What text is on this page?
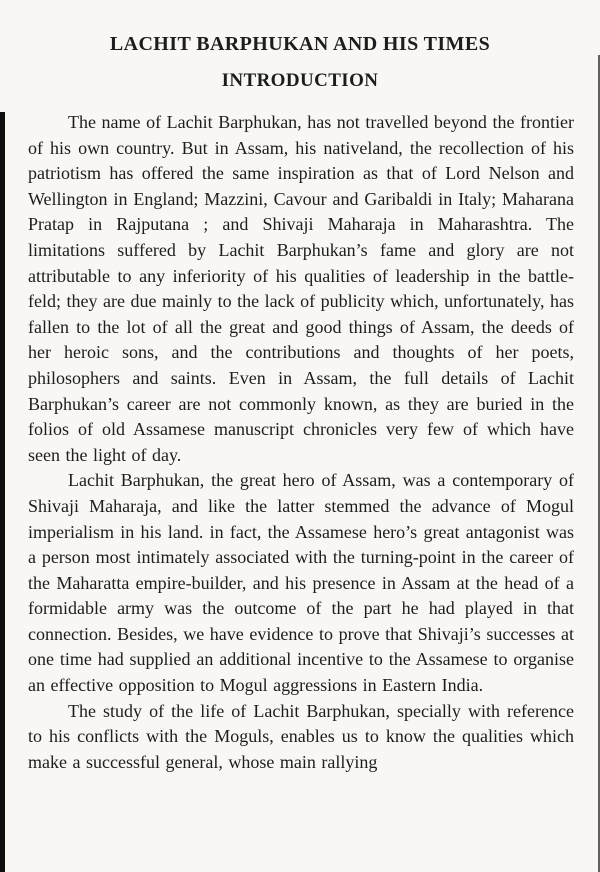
LACHIT BARPHUKAN AND HIS TIMES
INTRODUCTION

The name of Lachit Barphukan, has not travelled beyond the frontier of his own country. But in Assam, his nativeland, the recollection of his patriotism has offered the same inspiration as that of Lord Nelson and Wellington in England; Mazzini, Cavour and Garibaldi in Italy; Maharana Pratap in Rajputana ; and Shivaji Maharaja in Maharashtra. The limitations suffered by Lachit Barphukan’s fame and glory are not attributable to any inferiority of his qualities of leadership in the battle-feld; they are due mainly to the lack of publicity which, unfortunately, has fallen to the lot of all the great and good things of Assam, the deeds of her heroic sons, and the contributions and thoughts of her poets, philosophers and saints. Even in Assam, the full details of Lachit Barphukan’s career are not commonly known, as they are buried in the folios of old Assamese manuscript chronicles very few of which have seen the light of day.

Lachit Barphukan, the great hero of Assam, was a contemporary of Shivaji Maharaja, and like the latter stemmed the advance of Mogul imperialism in his land. in fact, the Assamese hero’s great antagonist was a person most intimately associated with the turning-point in the career of the Maharatta empire-builder, and his presence in Assam at the head of a formidable army was the outcome of the part he had played in that connection. Besides, we have evidence to prove that Shivaji’s successes at one time had supplied an additional incentive to the Assamese to organise an effective opposition to Mogul aggressions in Eastern India.

The study of the life of Lachit Barphukan, specially with reference to his conflicts with the Moguls, enables us to know the qualities which make a successful general, whose main rallying
